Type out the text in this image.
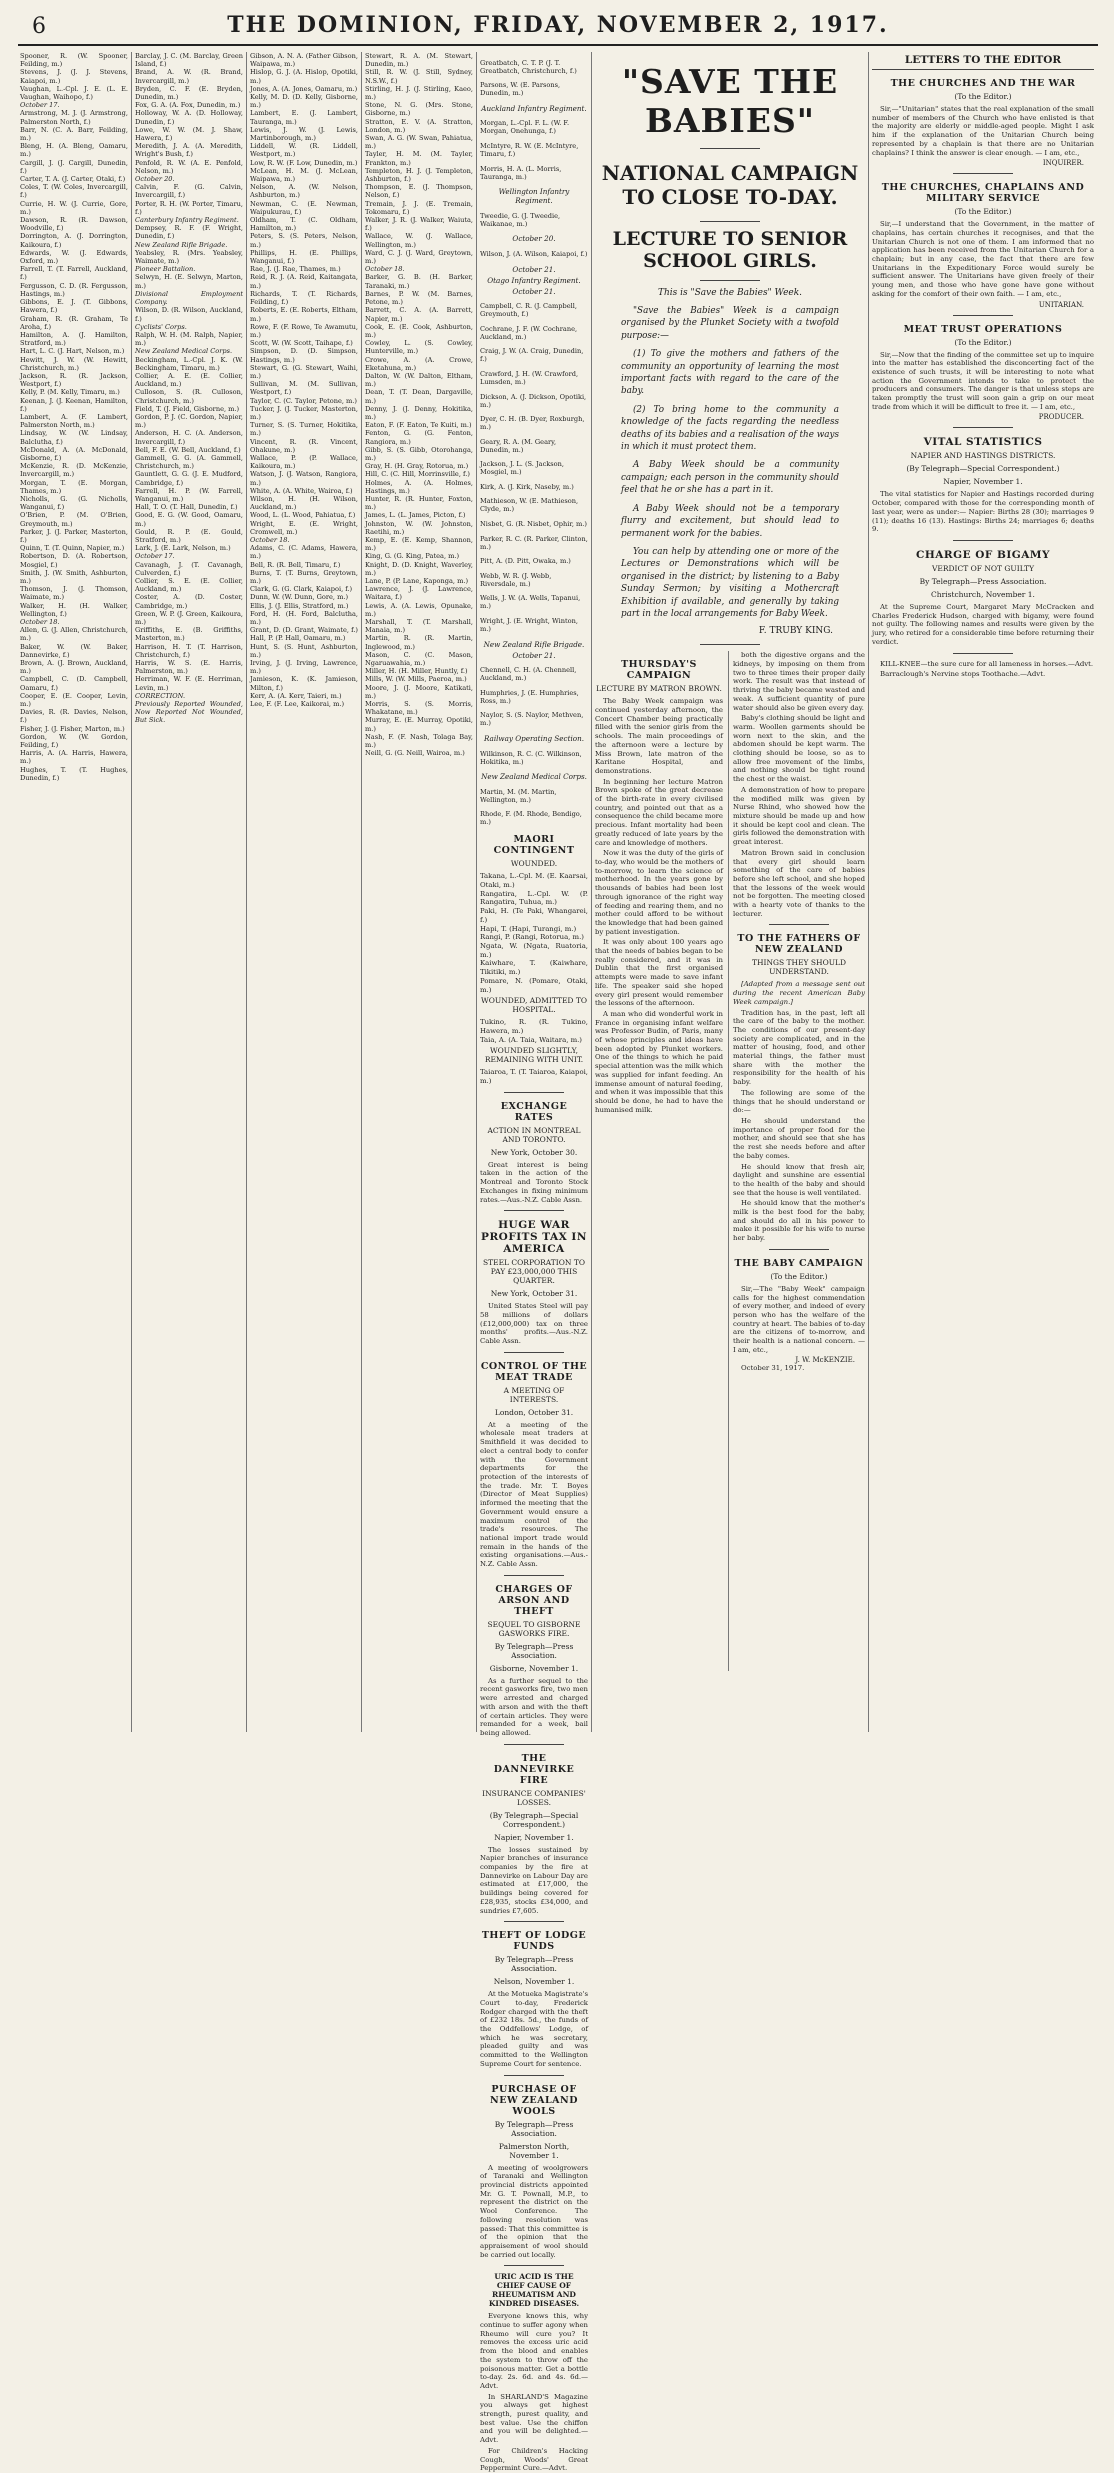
6	THE DOMINION, FRIDAY, NOVEMBER 2, 1917.

Spooner, R. (W. Spooner, Feilding, m.)

Stevens, J. (J. J. Stevens, Kaiapoi, m.)

Vaughan, L.-Cpl. J. E. (L. E. Vaughan, Waihopo, f.)

October 17.

Armstrong, M. J. (J. Armstrong, Palmerston North, f.)

Barr, N. (C. A. Barr, Feilding, m.)

Bleng, H. (A. Bleng, Oamaru, m.)

Cargill, J. (J. Cargill, Dunedin, f.)

Carter, T. A. (J. Carter, Otaki, f.)

Coles, T. (W. Coles, Invercargill, f.)

Currie, H. W. (J. Currie, Gore, m.)

Dawson, R. (R. Dawson, Woodville, f.)

Dorrington, A. (J. Dorrington, Kaikoura, f.)

Edwards, W. (J. Edwards, Oxford, m.)

Farrell, T. (T. Farrell, Auckland, f.)

Fergusson, C. D. (R. Fergusson, Hastings, m.)

Gibbons, E. J. (T. Gibbons, Hawera, f.)

Graham, R. (R. Graham, Te Aroha, f.)

Hamilton, A. (J. Hamilton, Stratford, m.)

Hart, L. C. (J. Hart, Nelson, m.)

Hewitt, J. W. (W. Hewitt, Christchurch, m.)

Jackson, R. (R. Jackson, Westport, f.)

Kelly, P. (M. Kelly, Timaru, m.)

Keenan, J. (J. Keenan, Hamilton, f.)

Lambert, A. (F. Lambert, Palmerston North, m.)

Lindsay, W. (W. Lindsay, Balclutha, f.)

McDonald, A. (A. McDonald, Gisborne, f.)

McKenzie, R. (D. McKenzie, Invercargill, m.)

Morgan, T. (E. Morgan, Thames, m.)

Nicholls, G. (G. Nicholls, Wanganui, f.)

O'Brien, P. (M. O'Brien, Greymouth, m.)

Parker, J. (J. Parker, Masterton, f.)

Quinn, T. (T. Quinn, Napier, m.)

Robertson, D. (A. Robertson, Mosgiel, f.)

Smith, J. (W. Smith, Ashburton, m.)

Thomson, J. (J. Thomson, Waimate, m.)

Walker, H. (H. Walker, Wellington, f.)

October 18.

Allen, G. (J. Allen, Christchurch, m.)

Baker, W. (W. Baker, Dannevirke, f.)

Brown, A. (J. Brown, Auckland, m.)

Campbell, C. (D. Campbell, Oamaru, f.)

Cooper, E. (E. Cooper, Levin, m.)

Davies, R. (R. Davies, Nelson, f.)

Fisher, J. (J. Fisher, Marton, m.)

Gordon, W. (W. Gordon, Feilding, f.)

Harris, A. (A. Harris, Hawera, m.)

Hughes, T. (T. Hughes, Dunedin, f.)

Barclay, J. C. (M. Barclay, Green Island, f.)

Brand, A. W. (R. Brand, Invercargill, m.)

Bryden, C. F. (E. Bryden, Dunedin, m.)

Fox, G. A. (A. Fox, Dunedin, m.)

Holloway, W. A. (D. Holloway, Dunedin, f.)

Lowe, W. W. (M. J. Shaw, Hawera, f.)

Meredith, J. A. (A. Meredith, Wright's Bush, f.)

Penfold, R. W. (A. E. Penfold, Nelson, m.)

October 20.

Calvin, F. (G. Calvin, Invercargill, f.)

Porter, R. H. (W. Porter, Timaru, f.)

Canterbury Infantry Regiment.

Dempsey, R. F. (F. Wright, Dunedin, f.)

New Zealand Rifle Brigade.

Yeabsley, R. (Mrs. Yeabsley, Waimate, m.)

Pioneer Battalion.

Selwyn, H. (E. Selwyn, Marton, m.)

Divisional Employment Company.

Wilson, D. (R. Wilson, Auckland, f.)

Cyclists' Corps.

Ralph, W. H. (M. Ralph, Napier, m.)

New Zealand Medical Corps.

Beckingham, L.-Cpl. J. K. (W. Beckingham, Timaru, m.)

Collier, A. E. (E. Collier, Auckland, m.)

Culloson, S. (R. Culloson, Christchurch, m.)

Field, T. (J. Field, Gisborne, m.)

Gordon, P. J. (C. Gordon, Napier, m.)

Anderson, H. C. (A. Anderson, Invercargill, f.)

Bell, F. E. (W. Bell, Auckland, f.)

Gammell, G. G. (A. Gammell, Christchurch, m.)

Gauntlett, G. G. (J. E. Mudford, Cambridge, f.)

Farrell, H. P. (W. Farrell, Wanganui, m.)

Hall, T. O. (T. Hall, Dunedin, f.)

Good, E. G. (W. Good, Oamaru, m.)

Gould, R. P. (E. Gould, Stratford, m.)

Lark, J. (E. Lark, Nelson, m.)

October 17.

Cavanagh, J. (T. Cavanagh, Culverden, f.)

Collier, S. E. (E. Collier, Auckland, m.)

Coster, A. (D. Coster, Cambridge, m.)

Green, W. P. (J. Green, Kaikoura, m.)

Griffiths, E. (B. Griffiths, Masterton, m.)

Harrison, H. T. (T. Harrison, Christchurch, f.)

Harris, W. S. (E. Harris, Palmerston, m.)

Herriman, W. F. (E. Herriman, Levin, m.)

CORRECTION.

Previously Reported Wounded, Now Reported Not Wounded, But Sick.

Gibson, A. N. A. (Father Gibson, Waipawa, m.)

Hislop, G. J. (A. Hislop, Opotiki, m.)

Jones, A. (A. Jones, Oamaru, m.)

Kelly, M. D. (D. Kelly, Gisborne, m.)

Lambert, E. (J. Lambert, Tauranga, m.)

Lewis, J. W. (J. Lewis, Martinborough, m.)

Liddell, W. (R. Liddell, Westport, m.)

Low, R. W. (F. Low, Dunedin, m.)

McLean, H. M. (J. McLean, Waipawa, m.)

Nelson, A. (W. Nelson, Ashburton, m.)

Newman, C. (E. Newman, Waipukurau, f.)

Oldham, T. (C. Oldham, Hamilton, m.)

Peters, S. (S. Peters, Nelson, m.)

Phillips, H. (E. Phillips, Wanganui, f.)

Rae, J. (J. Rae, Thames, m.)

Reid, R. J. (A. Reid, Kaitangata, m.)

Richards, T. (T. Richards, Feilding, f.)

Roberts, E. (E. Roberts, Eltham, m.)

Rowe, F. (F. Rowe, Te Awamutu, m.)

Scott, W. (W. Scott, Taihape, f.)

Simpson, D. (D. Simpson, Hastings, m.)

Stewart, G. (G. Stewart, Waihi, m.)

Sullivan, M. (M. Sullivan, Westport, f.)

Taylor, C. (C. Taylor, Petone, m.)

Tucker, J. (J. Tucker, Masterton, m.)

Turner, S. (S. Turner, Hokitika, m.)

Vincent, R. (R. Vincent, Ohakune, m.)

Wallace, P. (P. Wallace, Kaikoura, m.)

Watson, J. (J. Watson, Rangiora, m.)

White, A. (A. White, Wairoa, f.)

Wilson, H. (H. Wilson, Auckland, m.)

Wood, L. (L. Wood, Pahiatua, f.)

Wright, E. (E. Wright, Cromwell, m.)

October 18.

Adams, C. (C. Adams, Hawera, m.)

Bell, R. (R. Bell, Timaru, f.)

Burns, T. (T. Burns, Greytown, m.)

Clark, G. (G. Clark, Kaiapoi, f.)

Dunn, W. (W. Dunn, Gore, m.)

Ellis, J. (J. Ellis, Stratford, m.)

Ford, H. (H. Ford, Balclutha, m.)

Grant, D. (D. Grant, Waimate, f.)

Hall, P. (P. Hall, Oamaru, m.)

Hunt, S. (S. Hunt, Ashburton, m.)

Irving, J. (J. Irving, Lawrence, m.)

Jamieson, K. (K. Jamieson, Milton, f.)

Kerr, A. (A. Kerr, Taieri, m.)

Lee, F. (F. Lee, Kaikorai, m.)

Stewart, R. A. (M. Stewart, Dunedin, m.)

Still, R. W. (J. Still, Sydney, N.S.W., f.)

Stirling, H. J. (J. Stirling, Kaeo, m.)

Stone, N. G. (Mrs. Stone, Gisborne, m.)

Stratton, E. V. (A. Stratton, London, m.)

Swan, A. G. (W. Swan, Pahiatua, m.)

Tayler, H. M. (M. Tayler, Frankton, m.)

Templeton, H. J. (J. Templeton, Ashburton, f.)

Thompson, E. (J. Thompson, Nelson, f.)

Tremain, J. J. (E. Tremain, Tokomaru, f.)

Walker, J. R. (J. Walker, Waiuta, f.)

Wallace, W. (J. Wallace, Wellington, m.)

Ward, C. J. (J. Ward, Greytown, m.)

October 18.

Barker, G. B. (H. Barker, Taranaki, m.)

Barnes, P. W. (M. Barnes, Petone, m.)

Barrett, C. A. (A. Barrett, Napier, m.)

Cook, E. (E. Cook, Ashburton, m.)

Cowley, L. (S. Cowley, Hunterville, m.)

Crowe, A. (A. Crowe, Eketahuna, m.)

Dalton, W. (W. Dalton, Eltham, m.)

Dean, T. (T. Dean, Dargaville, m.)

Denny, J. (J. Denny, Hokitika, m.)

Eaton, F. (F. Eaton, Te Kuiti, m.)

Fenton, G. (G. Fenton, Rangiora, m.)

Gibb, S. (S. Gibb, Otorohanga, m.)

Gray, H. (H. Gray, Rotorua, m.)

Hill, C. (C. Hill, Morrinsville, f.)

Holmes, A. (A. Holmes, Hastings, m.)

Hunter, R. (R. Hunter, Foxton, m.)

James, L. (L. James, Picton, f.)

Johnston, W. (W. Johnston, Raetihi, m.)

Kemp, E. (E. Kemp, Shannon, m.)

King, G. (G. King, Patea, m.)

Knight, D. (D. Knight, Waverley, m.)

Lane, P. (P. Lane, Kaponga, m.)

Lawrence, J. (J. Lawrence, Waitara, f.)

Lewis, A. (A. Lewis, Opunake, m.)

Marshall, T. (T. Marshall, Manaia, m.)

Martin, R. (R. Martin, Inglewood, m.)

Mason, C. (C. Mason, Ngaruawahia, m.)

Miller, H. (H. Miller, Huntly, f.)

Mills, W. (W. Mills, Paeroa, m.)

Moore, J. (J. Moore, Katikati, m.)

Morris, S. (S. Morris, Whakatane, m.)

Murray, E. (E. Murray, Opotiki, m.)

Nash, F. (F. Nash, Tolaga Bay, m.)

Neill, G. (G. Neill, Wairoa, m.)

Greatbatch, C. T. P. (J. T. Greatbatch, Christchurch, f.)

Parsons, W. (E. Parsons, Dunedin, m.)

Auckland Infantry Regiment.

Morgan, L.-Cpl. F. L. (W. F. Morgan, Onehunga, f.)

McIntyre, R. W. (E. McIntyre, Timaru, f.)

Morris, H. A. (L. Morris, Tauranga, m.)

Wellington Infantry Regiment.

Tweedie, G. (J. Tweedie, Waikanae, m.)

October 20.

Wilson, J. (A. Wilson, Kaiapoi, f.)

October 21.

Otago Infantry Regiment.

October 21.

Campbell, C. R. (J. Campbell, Greymouth, f.)

Cochrane, J. F. (W. Cochrane, Auckland, m.)

Craig, J. W. (A. Craig, Dunedin, f.)

Crawford, J. H. (W. Crawford, Lumsden, m.)

Dickson, A. (J. Dickson, Opotiki, m.)

Dyer, C. H. (B. Dyer, Roxburgh, m.)

Geary, R. A. (M. Geary, Dunedin, m.)

Jackson, J. L. (S. Jackson, Mosgiel, m.)

Kirk, A. (J. Kirk, Naseby, m.)

Mathieson, W. (E. Mathieson, Clyde, m.)

Nisbet, G. (R. Nisbet, Ophir, m.)

Parker, R. C. (R. Parker, Clinton, m.)

Pitt, A. (D. Pitt, Owaka, m.)

Webb, W. R. (J. Webb, Riversdale, m.)

Wells, J. W. (A. Wells, Tapanui, m.)

Wright, J. (E. Wright, Winton, m.)

New Zealand Rifle Brigade.

October 21.

Chennell, C. H. (A. Chennell, Auckland, m.)

Humphries, J. (E. Humphries, Ross, m.)

Naylor, S. (S. Naylor, Methven, m.)

Railway Operating Section.

Wilkinson, R. C. (C. Wilkinson, Hokitika, m.)

New Zealand Medical Corps.

Martin, M. (M. Martin, Wellington, m.)

Rhode, F. (M. Rhode, Bendigo, m.)

MAORI CONTINGENT
WOUNDED.
Takana, L.-Cpl. M. (E. Kaarsai, Otaki, m.)
Rangatira, L.-Cpl. W. (P. Rangatira, Tuhua, m.)
Paki, H. (Te Paki, Whangarei, f.)
Hapi, T. (Hapi, Turangi, m.)
Rangi, P. (Rangi, Rotorua, m.)
Ngata, W. (Ngata, Ruatoria, m.)
Kaiwhare, T. (Kaiwhare, Tikitiki, m.)
Pomare, N. (Pomare, Otaki, m.)
WOUNDED, ADMITTED TO HOSPITAL.
Tukino, R. (R. Tukino, Hawera, m.)
Taia, A. (A. Taia, Waitara, m.)
WOUNDED SLIGHTLY, REMAINING WITH UNIT.
Taiaroa, T. (T. Taiaroa, Kaiapoi, m.)
EXCHANGE RATES
ACTION IN MONTREAL AND TORONTO.
New York, October 30.

Great interest is being taken in the action of the Montreal and Toronto Stock Exchanges in fixing minimum rates.—Aus.-N.Z. Cable Assn.

HUGE WAR PROFITS TAX IN AMERICA
STEEL CORPORATION TO PAY £23,000,000 THIS QUARTER.
New York, October 31.

United States Steel will pay 58 millions of dollars (£12,000,000) tax on three months' profits.—Aus.-N.Z. Cable Assn.

CONTROL OF THE MEAT TRADE
A MEETING OF INTERESTS.
London, October 31.

At a meeting of the wholesale meat traders at Smithfield it was decided to elect a central body to confer with the Government departments for the protection of the interests of the trade. Mr. T. Boyes (Director of Meat Supplies) informed the meeting that the Government would ensure a maximum control of the trade's resources. The national import trade would remain in the hands of the existing organisations.—Aus.-N.Z. Cable Assn.

CHARGES OF ARSON AND THEFT
SEQUEL TO GISBORNE GASWORKS FIRE.
By Telegraph—Press Association.
Gisborne, November 1.

As a further sequel to the recent gasworks fire, two men were arrested and charged with arson and with the theft of certain articles. They were remanded for a week, bail being allowed.

THE DANNEVIRKE FIRE
INSURANCE COMPANIES' LOSSES.
(By Telegraph—Special Correspondent.)
Napier, November 1.

The losses sustained by Napier branches of insurance companies by the fire at Dannevirke on Labour Day are estimated at £17,000, the buildings being covered for £28,935, stocks £34,000, and sundries £7,605.

THEFT OF LODGE FUNDS
By Telegraph—Press Association.
Nelson, November 1.

At the Motueka Magistrate's Court to-day, Frederick Rodger charged with the theft of £232 18s. 5d., the funds of the Oddfellows' Lodge, of which he was secretary, pleaded guilty and was committed to the Wellington Supreme Court for sentence.

PURCHASE OF NEW ZEALAND WOOLS
By Telegraph—Press Association.
Palmerston North, November 1.

A meeting of woolgrowers of Taranaki and Wellington provincial districts appointed Mr. G. T. Pownall, M.P., to represent the district on the Wool Conference. The following resolution was passed: That this committee is of the opinion that the appraisement of wool should be carried out locally.

URIC ACID IS THE CHIEF CAUSE OF RHEUMATISM AND KINDRED DISEASES.

Everyone knows this, why continue to suffer agony when Rheumo will cure you? It removes the excess uric acid from the blood and enables the system to throw off the poisonous matter. Get a bottle to-day. 2s. 6d. and 4s. 6d.—Advt.

In SHARLAND'S Magazine you always get highest strength, purest quality, and best value. Use the chiffon and you will be delighted.—Advt.

For Children's Hacking Cough, Woods' Great Peppermint Cure.—Advt.

"SAVE THE BABIES"
NATIONAL CAMPAIGN TO CLOSE TO-DAY.
LECTURE TO SENIOR SCHOOL GIRLS.
This is "Save the Babies" Week.

"Save the Babies" Week is a campaign organised by the Plunket Society with a twofold purpose:—

(1) To give the mothers and fathers of the community an opportunity of learning the most important facts with regard to the care of the baby.

(2) To bring home to the community a knowledge of the facts regarding the needless deaths of its babies and a realisation of the ways in which it must protect them.

A Baby Week should be a community campaign; each person in the community should feel that he or she has a part in it.

A Baby Week should not be a temporary flurry and excitement, but should lead to permanent work for the babies.

You can help by attending one or more of the Lectures or Demonstrations which will be organised in the district; by listening to a Baby Sunday Sermon; by visiting a Mothercraft Exhibition if available, and generally by taking part in the local arrangements for Baby Week.

F. TRUBY KING.
THURSDAY'S CAMPAIGN
LECTURE BY MATRON BROWN.

The Baby Week campaign was continued yesterday afternoon, the Concert Chamber being practically filled with the senior girls from the schools. The main proceedings of the afternoon were a lecture by Miss Brown, late matron of the Karitane Hospital, and demonstrations.

In beginning her lecture Matron Brown spoke of the great decrease of the birth-rate in every civilised country, and pointed out that as a consequence the child became more precious. Infant mortality had been greatly reduced of late years by the care and knowledge of mothers.

Now it was the duty of the girls of to-day, who would be the mothers of to-morrow, to learn the science of motherhood. In the years gone by thousands of babies had been lost through ignorance of the right way of feeding and rearing them, and no mother could afford to be without the knowledge that had been gained by patient investigation.

It was only about 100 years ago that the needs of babies began to be really considered, and it was in Dublin that the first organised attempts were made to save infant life. The speaker said she hoped every girl present would remember the lessons of the afternoon.

A man who did wonderful work in France in organising infant welfare was Professor Budin, of Paris, many of whose principles and ideas have been adopted by Plunket workers. One of the things to which he paid special attention was the milk which was supplied for infant feeding. An immense amount of natural feeding, and when it was impossible that this should be done, he had to have the humanised milk.

both the digestive organs and the kidneys, by imposing on them from two to three times their proper daily work. The result was that instead of thriving the baby became wasted and weak. A sufficient quantity of pure water should also be given every day.

Baby's clothing should be light and warm. Woollen garments should be worn next to the skin, and the abdomen should be kept warm. The clothing should be loose, so as to allow free movement of the limbs, and nothing should be tight round the chest or the waist.

A demonstration of how to prepare the modified milk was given by Nurse Rhind, who showed how the mixture should be made up and how it should be kept cool and clean. The girls followed the demonstration with great interest.

Matron Brown said in conclusion that every girl should learn something of the care of babies before she left school, and she hoped that the lessons of the week would not be forgotten. The meeting closed with a hearty vote of thanks to the lecturer.

TO THE FATHERS OF NEW ZEALAND
THINGS THEY SHOULD UNDERSTAND.

[Adapted from a message sent out during the recent American Baby Week campaign.]

Tradition has, in the past, left all the care of the baby to the mother. The conditions of our present-day society are complicated, and in the matter of housing, food, and other material things, the father must share with the mother the responsibility for the health of his baby.

The following are some of the things that he should understand or do:—

He should understand the importance of proper food for the mother, and should see that she has the rest she needs before and after the baby comes.

He should know that fresh air, daylight and sunshine are essential to the health of the baby and should see that the house is well ventilated.

He should know that the mother's milk is the best food for the baby, and should do all in his power to make it possible for his wife to nurse her baby.

THE BABY CAMPAIGN
(To the Editor.)

Sir,—The "Baby Week" campaign calls for the highest commendation of every mother, and indeed of every person who has the welfare of the country at heart. The babies of to-day are the citizens of to-morrow, and their health is a national concern. — I am, etc.,

J. W. McKENZIE.

October 31, 1917.

LETTERS TO THE EDITOR
THE CHURCHES AND THE WAR
(To the Editor.)

Sir,—"Unitarian" states that the real explanation of the small number of members of the Church who have enlisted is that the majority are elderly or middle-aged people. Might I ask him if the explanation of the Unitarian Church being represented by a chaplain is that there are no Unitarian chaplains? I think the answer is clear enough. — I am, etc.,

INQUIRER.
THE CHURCHES, CHAPLAINS AND MILITARY SERVICE
(To the Editor.)

Sir,—I understand that the Government, in the matter of chaplains, has certain churches it recognises, and that the Unitarian Church is not one of them. I am informed that no application has been received from the Unitarian Church for a chaplain; but in any case, the fact that there are few Unitarians in the Expeditionary Force would surely be sufficient answer. The Unitarians have given freely of their young men, and those who have gone have gone without asking for the comfort of their own faith. — I am, etc.,

UNITARIAN.
MEAT TRUST OPERATIONS
(To the Editor.)

Sir,—Now that the finding of the committee set up to inquire into the matter has established the disconcerting fact of the existence of such trusts, it will be interesting to note what action the Government intends to take to protect the producers and consumers. The danger is that unless steps are taken promptly the trust will soon gain a grip on our meat trade from which it will be difficult to free it. — I am, etc.,

PRODUCER.
VITAL STATISTICS
NAPIER AND HASTINGS DISTRICTS.
(By Telegraph—Special Correspondent.)
Napier, November 1.

The vital statistics for Napier and Hastings recorded during October, compared with those for the corresponding month of last year, were as under:— Napier: Births 28 (30); marriages 9 (11); deaths 16 (13). Hastings: Births 24; marriages 6; deaths 9.

CHARGE OF BIGAMY
VERDICT OF NOT GUILTY
By Telegraph—Press Association.
Christchurch, November 1.

At the Supreme Court, Margaret Mary McCracken and Charles Frederick Hudson, charged with bigamy, were found not guilty. The following names and results were given by the jury, who retired for a considerable time before returning their verdict.

KILL-KNEE—the sure cure for all lameness in horses.—Advt.

Barraclough's Nervine stops Toothache.—Advt.
